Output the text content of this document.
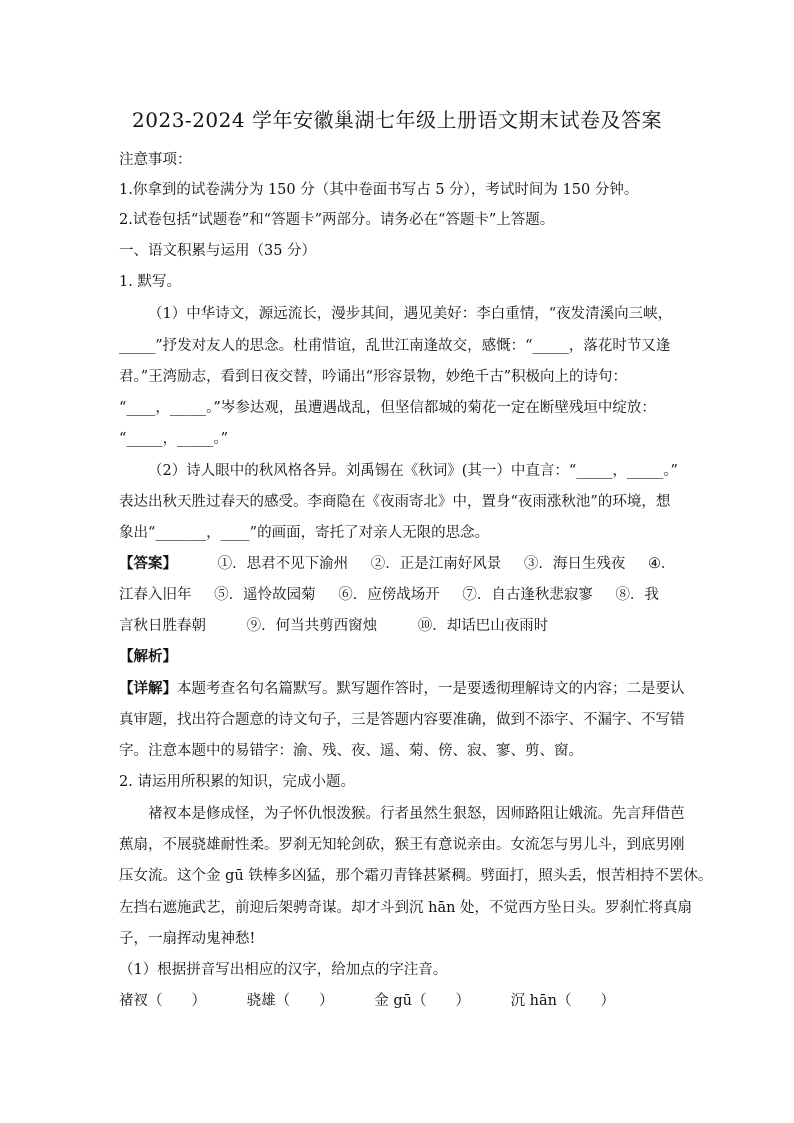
2023-2024 学年安徽巢湖七年级上册语文期末试卷及答案
注意事项：
1.你拿到的试卷满分为 150 分（其中卷面书写占 5 分），考试时间为 150 分钟。
2.试卷包括“试题卷”和“答题卡”两部分。请务必在“答题卡”上答题。
一、语文积累与运用（35 分）
1. 默写。
（1）中华诗文，源远流长，漫步其间，遇见美好：李白重情，“夜发清溪向三峡，
_____”抒发对友人的思念。杜甫惜谊，乱世江南逢故交，感慨：“_____，落花时节又逢
君。”王湾励志，看到日夜交替，吟诵出“形容景物，妙绝千古”积极向上的诗句：
“____，_____。”岑参达观，虽遭遇战乱，但坚信都城的菊花一定在断壁残垣中绽放：
“_____，_____。”
（2）诗人眼中的秋风格各异。刘禹锡在《秋词》(其一）中直言：“_____，_____。”
表达出秋天胜过春天的感受。李商隐在《夜雨寄北》中，置身“夜雨涨秋池”的环境，想
象出“_______，____”的画面，寄托了对亲人无限的思念。
【答案】	①．思君不见下渝州 ②．正是江南好风景 ③．海日生残夜 ④．
江春入旧年 ⑤．遥怜故园菊 ⑥．应傍战场开 ⑦．自古逢秋悲寂寥 ⑧．我
言秋日胜春朝	⑨．何当共剪西窗烛	⑩．却话巴山夜雨时
【解析】
【详解】本题考查名句名篇默写。默写题作答时，一是要透彻理解诗文的内容；二是要认
真审题，找出符合题意的诗文句子，三是答题内容要准确，做到不添字、不漏字、不写错
字。注意本题中的易错字：渝、残、夜、遥、菊、傍、寂、寥、剪、窗。
2. 请运用所积累的知识，完成小题。
禇衩本是修成怪，为子怀仇恨泼猴。行者虽然生狠怒，因师路阻让娥流。先言拜借芭
蕉扇，不展骁雄耐性柔。罗刹无知轮剑砍，猴王有意说亲由。女流怎与男儿斗，到底男刚
压女流。这个金 gū 铁棒多凶猛，那个霜刃青锋甚紧稠。劈面打，照头丢，恨苦相持不罢休。
左挡右遮施武艺，前迎后架骋奇谋。却才斗到沉 hān 处，不觉西方坠日头。罗刹忙将真扇
子，一扇挥动鬼神愁!
（1）根据拼音写出相应的汉字，给加点的字注音。
禇衩（　　）	骁雄（　　）	金 gū（　　）	沉 hān（　　）
